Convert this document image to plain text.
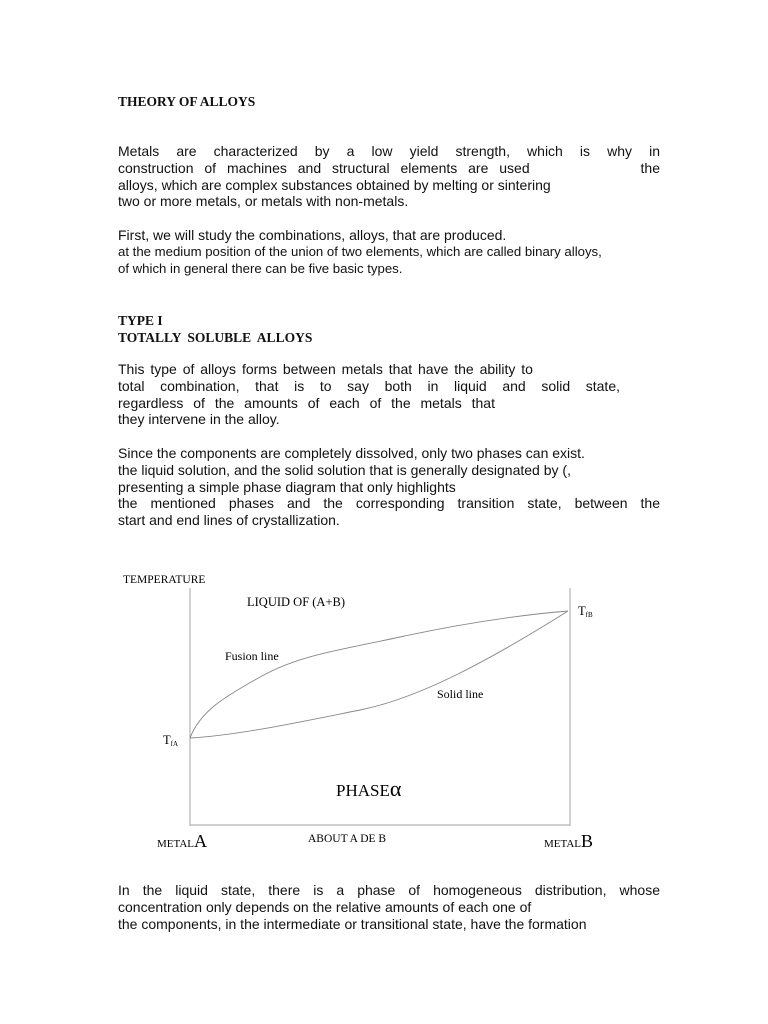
THEORY OF ALLOYS
Metals are characterized by a low yield strength, which is why in
construction of machines and structural elements are used	the
alloys, which are complex substances obtained by melting or sintering
two or more metals, or metals with non-metals.
First, we will study the combinations, alloys, that are produced.
at the medium position of the union of two elements, which are called binary alloys,
of which in general there can be five basic types.
TYPE I
TOTALLY SOLUBLE ALLOYS
This type of alloys forms between metals that have the ability to
total combination, that is to say both in liquid and solid state,
regardless of the amounts of each of the metals that
they intervene in the alloy.
Since the components are completely dissolved, only two phases can exist.
the liquid solution, and the solid solution that is generally designated by (,
presenting a simple phase diagram that only highlights
the mentioned phases and the corresponding transition state, between the
start and end lines of crystallization.
TEMPERATURE
LIQUID OF (A+B)
Fusion line
Solid line
TfB
TfA
PHASEα
ABOUT A DE B
METALA	METALB
In the liquid state, there is a phase of homogeneous distribution, whose
concentration only depends on the relative amounts of each one of
the components, in the intermediate or transitional state, have the formation
